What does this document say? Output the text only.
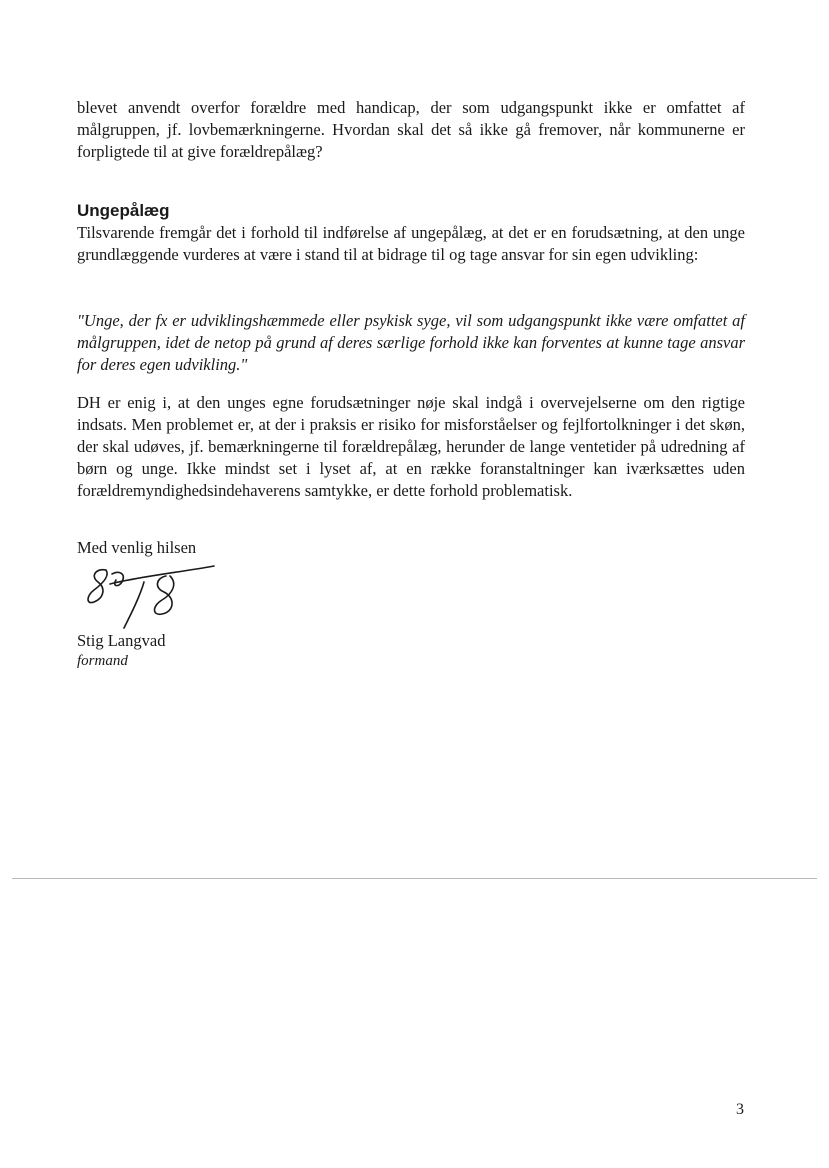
blevet anvendt overfor forældre med handicap, der som udgangspunkt ikke er omfattet af målgruppen, jf. lovbemærkningerne. Hvordan skal det så ikke gå fremover, når kommunerne er forpligtede til at give forældrepålæg?
Ungepålæg
Tilsvarende fremgår det i forhold til indførelse af ungepålæg, at det er en forudsætning, at den unge grundlæggende vurderes at være i stand til at bidrage til og tage ansvar for sin egen udvikling:
"Unge, der fx er udviklingshæmmede eller psykisk syge, vil som udgangspunkt ikke være omfattet af målgruppen, idet de netop på grund af deres særlige forhold ikke kan forventes at kunne tage ansvar for deres egen udvikling."
DH er enig i, at den unges egne forudsætninger nøje skal indgå i overvejelserne om den rigtige indsats. Men problemet er, at der i praksis er risiko for misforståelser og fejlfortolkninger i det skøn, der skal udøves, jf. bemærkningerne til forældrepålæg, herunder de lange ventetider på udredning af børn og unge. Ikke mindst set i lyset af, at en række foranstaltninger kan iværksættes uden forældremyndighedsindehaverens samtykke, er dette forhold problematisk.
Med venlig hilsen
Stig Langvad
formand
3
